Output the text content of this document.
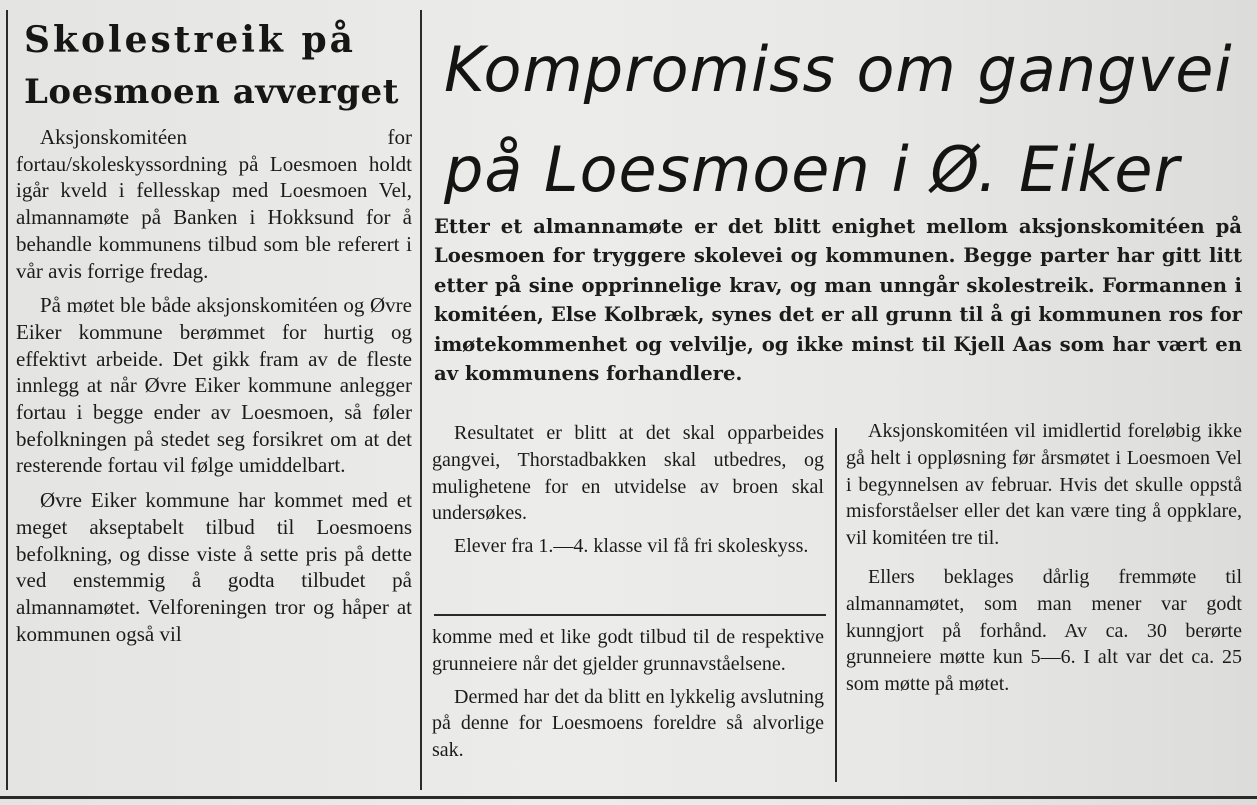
Skolestreik på
Loesmoen avverget

Aksjonskomitéen for fortau/skoleskyssordning på Loesmoen holdt igår kveld i fellesskap med Loesmoen Vel, almannamøte på Banken i Hokksund for å behandle kommunens tilbud som ble referert i vår avis forrige fredag.

På møtet ble både aksjonskomitéen og Øvre Eiker kommune berømmet for hurtig og effektivt arbeide. Det gikk fram av de fleste innlegg at når Øvre Eiker kommune anlegger fortau i begge ender av Loesmoen, så føler befolkningen på stedet seg forsikret om at det resterende fortau vil følge umiddelbart.

Øvre Eiker kommune har kommet med et meget akseptabelt tilbud til Loesmoens befolkning, og disse viste å sette pris på dette ved enstemmig å godta tilbudet på almannamøtet. Velforeningen tror og håper at kommunen også vil

Kompromiss om gangvei
på Loesmoen i Ø. Eiker
Etter et almannamøte er det blitt enighet mellom aksjonskomitéen på Loesmoen for tryggere skolevei og kommunen. Begge parter har gitt litt etter på sine opprinnelige krav, og man unngår skolestreik. Formannen i komitéen, Else Kolbræk, synes det er all grunn til å gi kommunen ros for imøtekommenhet og velvilje, og ikke minst til Kjell Aas som har vært en av kommunens forhandlere.

Resultatet er blitt at det skal opparbeides gangvei, Thorstadbakken skal utbedres, og mulighetene for en utvidelse av broen skal undersøkes.

Elever fra 1.—4. klasse vil få fri skoleskyss.

komme med et like godt tilbud til de respektive grunneiere når det gjelder grunnavståelsene.

Dermed har det da blitt en lykkelig avslutning på denne for Loesmoens foreldre så alvorlige sak.

Aksjonskomitéen vil imidlertid foreløbig ikke gå helt i oppløsning før årsmøtet i Loesmoen Vel i begynnelsen av februar. Hvis det skulle oppstå misforståelser eller det kan være ting å oppklare, vil komitéen tre til.

Ellers beklages dårlig fremmøte til almannamøtet, som man mener var godt kunngjort på forhånd. Av ca. 30 berørte grunneiere møtte kun 5—6. I alt var det ca. 25 som møtte på møtet.
